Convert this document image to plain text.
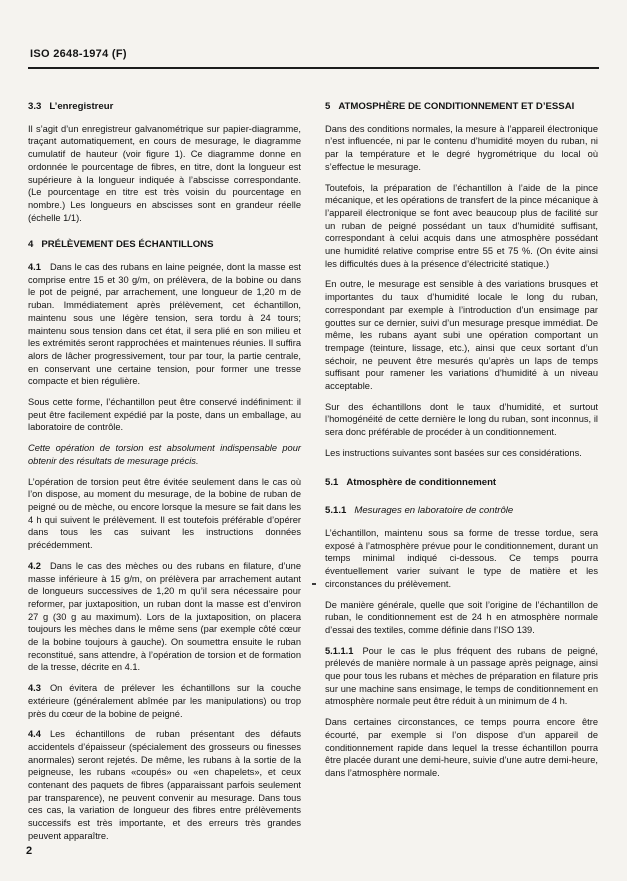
ISO 2648-1974 (F)
3.3 L’enregistreur

Il s’agit d’un enregistreur galvanométrique sur papier-diagramme, traçant automatiquement, en cours de mesurage, le diagramme cumulatif de hauteur (voir figure 1). Ce diagramme donne en ordonnée le pourcentage de fibres, en titre, dont la longueur est supérieure à la longueur indiquée à l’abscisse correspondante. (Le pourcentage en titre est très voisin du pourcentage en nombre.) Les longueurs en abscisses sont en grandeur réelle (échelle 1/1).

4 PRÉLÈVEMENT DES ÉCHANTILLONS

4.1 Dans le cas des rubans en laine peignée, dont la masse est comprise entre 15 et 30 g/m, on prélèvera, de la bobine ou dans le pot de peigné, par arrachement, une longueur de 1,20 m de ruban. Immédiatement après prélèvement, cet échantillon, maintenu sous une légère tension, sera tordu à 24 tours; maintenu sous tension dans cet état, il sera plié en son milieu et les extrémités seront rapprochées et maintenues réunies. Il suffira alors de lâcher progressivement, tour par tour, la partie centrale, en conservant une certaine tension, pour former une tresse compacte et bien régulière.

Sous cette forme, l’échantillon peut être conservé indéfiniment: il peut être facilement expédié par la poste, dans un emballage, au laboratoire de contrôle.

Cette opération de torsion est absolument indispensable pour obtenir des résultats de mesurage précis.

L’opération de torsion peut être évitée seulement dans le cas où l’on dispose, au moment du mesurage, de la bobine de ruban de peigné ou de mèche, ou encore lorsque la mesure se fait dans les 4 h qui suivent le prélèvement. Il est toutefois préférable d’opérer dans tous les cas suivant les instructions données précédemment.

4.2 Dans le cas des mèches ou des rubans en filature, d’une masse inférieure à 15 g/m, on prélèvera par arrachement autant de longueurs successives de 1,20 m qu’il sera nécessaire pour reformer, par juxtaposition, un ruban dont la masse est d’environ 27 g (30 g au maximum). Lors de la juxtaposition, on placera toujours les mèches dans le même sens (par exemple côté cœur de la bobine toujours à gauche). On soumettra ensuite le ruban reconstitué, sans attendre, à l’opération de torsion et de formation de la tresse, décrite en 4.1.

4.3 On évitera de prélever les échantillons sur la couche extérieure (généralement abîmée par les manipulations) ou trop près du cœur de la bobine de peigné.

4.4 Les échantillons de ruban présentant des défauts accidentels d’épaisseur (spécialement des grosseurs ou finesses anormales) seront rejetés. De même, les rubans à la sortie de la peigneuse, les rubans «coupés» ou «en chapelets», et ceux contenant des paquets de fibres (apparaissant parfois seulement par transparence), ne peuvent convenir au mesurage. Dans tous ces cas, la variation de longueur des fibres entre prélèvements successifs est très importante, et des erreurs très grandes peuvent apparaître.

5 ATMOSPHÈRE DE CONDITIONNEMENT ET D’ESSAI

Dans des conditions normales, la mesure à l’appareil électronique n’est influencée, ni par le contenu d’humidité moyen du ruban, ni par la température et le degré hygrométrique du local où s’effectue le mesurage.

Toutefois, la préparation de l’échantillon à l’aide de la pince mécanique, et les opérations de transfert de la pince mécanique à l’appareil électronique se font avec beaucoup plus de facilité sur un ruban de peigné possédant un taux d’humidité suffisant, correspondant à celui acquis dans une atmosphère possédant une humidité relative comprise entre 55 et 75 %. (On évite ainsi les difficultés dues à la présence d’électricité statique.)

En outre, le mesurage est sensible à des variations brusques et importantes du taux d’humidité locale le long du ruban, correspondant par exemple à l’introduction d’un ensimage par gouttes sur ce dernier, suivi d’un mesurage presque immédiat. De même, les rubans ayant subi une opération comportant un trempage (teinture, lissage, etc.), ainsi que ceux sortant d’un séchoir, ne peuvent être mesurés qu’après un laps de temps suffisant pour ramener les variations d’humidité à un niveau acceptable.

Sur des échantillons dont le taux d’humidité, et surtout l’homogénéité de cette dernière le long du ruban, sont inconnus, il sera donc préférable de procéder à un conditionnement.

Les instructions suivantes sont basées sur ces considérations.

5.1 Atmosphère de conditionnement
5.1.1 Mesurages en laboratoire de contrôle

L’échantillon, maintenu sous sa forme de tresse tordue, sera exposé à l’atmosphère prévue pour le conditionnement, durant un temps minimal indiqué ci-dessous. Ce temps pourra éventuellement varier suivant le type de matière et les circonstances du prélèvement.

De manière générale, quelle que soit l’origine de l’échantillon de ruban, le conditionnement est de 24 h en atmosphère normale d’essai des textiles, comme définie dans l’ISO 139.

5.1.1.1 Pour le cas le plus fréquent des rubans de peigné, prélevés de manière normale à un passage après peignage, ainsi que pour tous les rubans et mèches de préparation en filature pris sur une machine sans ensimage, le temps de conditionnement en atmosphère normale peut être réduit à un minimum de 4 h.

Dans certaines circonstances, ce temps pourra encore être écourté, par exemple si l’on dispose d’un appareil de conditionnement rapide dans lequel la tresse échantillon pourra être placée durant une demi-heure, suivie d’une autre demi-heure, dans l’atmosphère normale.

2
